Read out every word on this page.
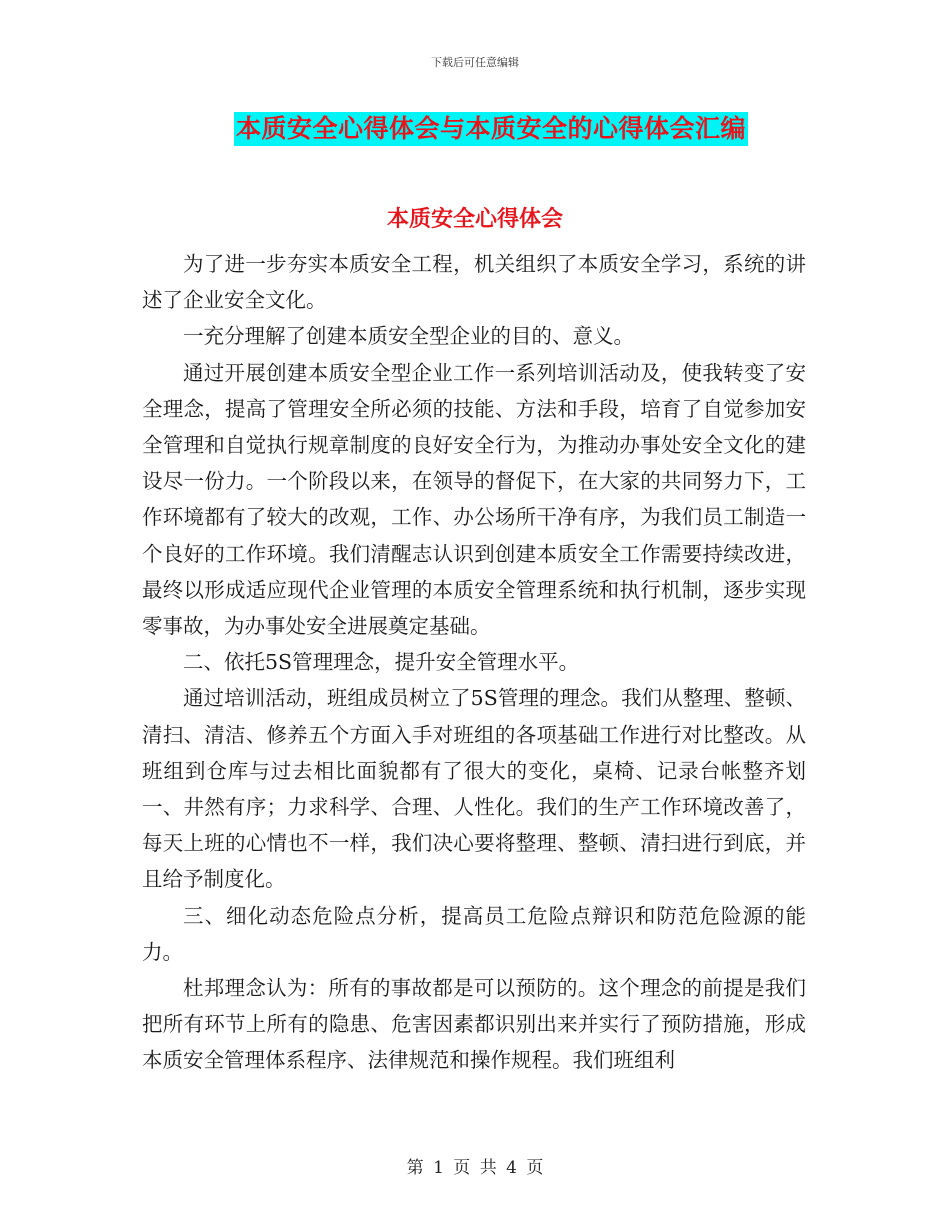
下载后可任意编辑
本质安全心得体会与本质安全的心得体会汇编
本质安全心得体会

为了进一步夯实本质安全工程，机关组织了本质安全学习，系统的讲述了企业安全文化。

一充分理解了创建本质安全型企业的目的、意义。

通过开展创建本质安全型企业工作一系列培训活动及，使我转变了安全理念，提高了管理安全所必须的技能、方法和手段，培育了自觉参加安全管理和自觉执行规章制度的良好安全行为，为推动办事处安全文化的建设尽一份力。一个阶段以来，在领导的督促下，在大家的共同努力下，工作环境都有了较大的改观，工作、办公场所干净有序，为我们员工制造一个良好的工作环境。我们清醒志认识到创建本质安全工作需要持续改进，最终以形成适应现代企业管理的本质安全管理系统和执行机制，逐步实现零事故，为办事处安全进展奠定基础。

二、依托5S管理理念，提升安全管理水平。

通过培训活动，班组成员树立了5S管理的理念。我们从整理、整顿、清扫、清洁、修养五个方面入手对班组的各项基础工作进行对比整改。从班组到仓库与过去相比面貌都有了很大的变化，桌椅、记录台帐整齐划一、井然有序；力求科学、合理、人性化。我们的生产工作环境改善了，每天上班的心情也不一样，我们决心要将整理、整顿、清扫进行到底，并且给予制度化。

三、细化动态危险点分析，提高员工危险点辩识和防范危险源的能力。

杜邦理念认为：所有的事故都是可以预防的。这个理念的前提是我们把所有环节上所有的隐患、危害因素都识别出来并实行了预防措施，形成本质安全管理体系程序、法律规范和操作规程。我们班组利

第 1 页 共 4 页
